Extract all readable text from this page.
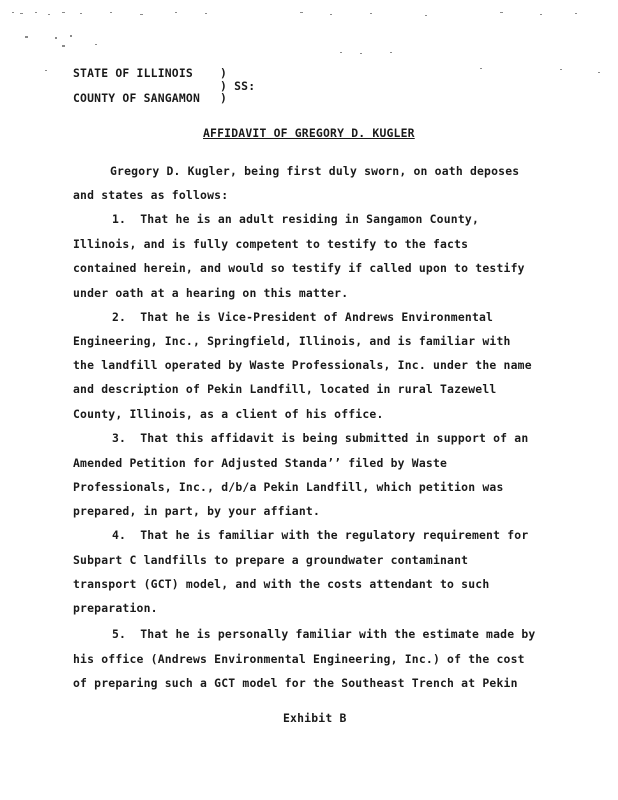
STATE OF ILLINOIS )
) SS:
COUNTY OF SANGAMON )
AFFIDAVIT OF GREGORY D. KUGLER
Gregory D. Kugler, being first duly sworn, on oath deposes
and states as follows:
1.  That he is an adult residing in Sangamon County,
Illinois, and is fully competent to testify to the facts
contained herein, and would so testify if called upon to testify
under oath at a hearing on this matter.
2.  That he is Vice-President of Andrews Environmental
Engineering, Inc., Springfield, Illinois, and is familiar with
the landfill operated by Waste Professionals, Inc. under the name
and description of Pekin Landfill, located in rural Tazewell
County, Illinois, as a client of his office.
3.  That this affidavit is being submitted in support of an
Amended Petition for Adjusted Standa’’ filed by Waste
Professionals, Inc., d/b/a Pekin Landfill, which petition was
prepared, in part, by your affiant.
4.  That he is familiar with the regulatory requirement for
Subpart C landfills to prepare a groundwater contaminant
transport (GCT) model, and with the costs attendant to such
preparation.
5.  That he is personally familiar with the estimate made by
his office (Andrews Environmental Engineering, Inc.) of the cost
of preparing such a GCT model for the Southeast Trench at Pekin
Exhibit B
